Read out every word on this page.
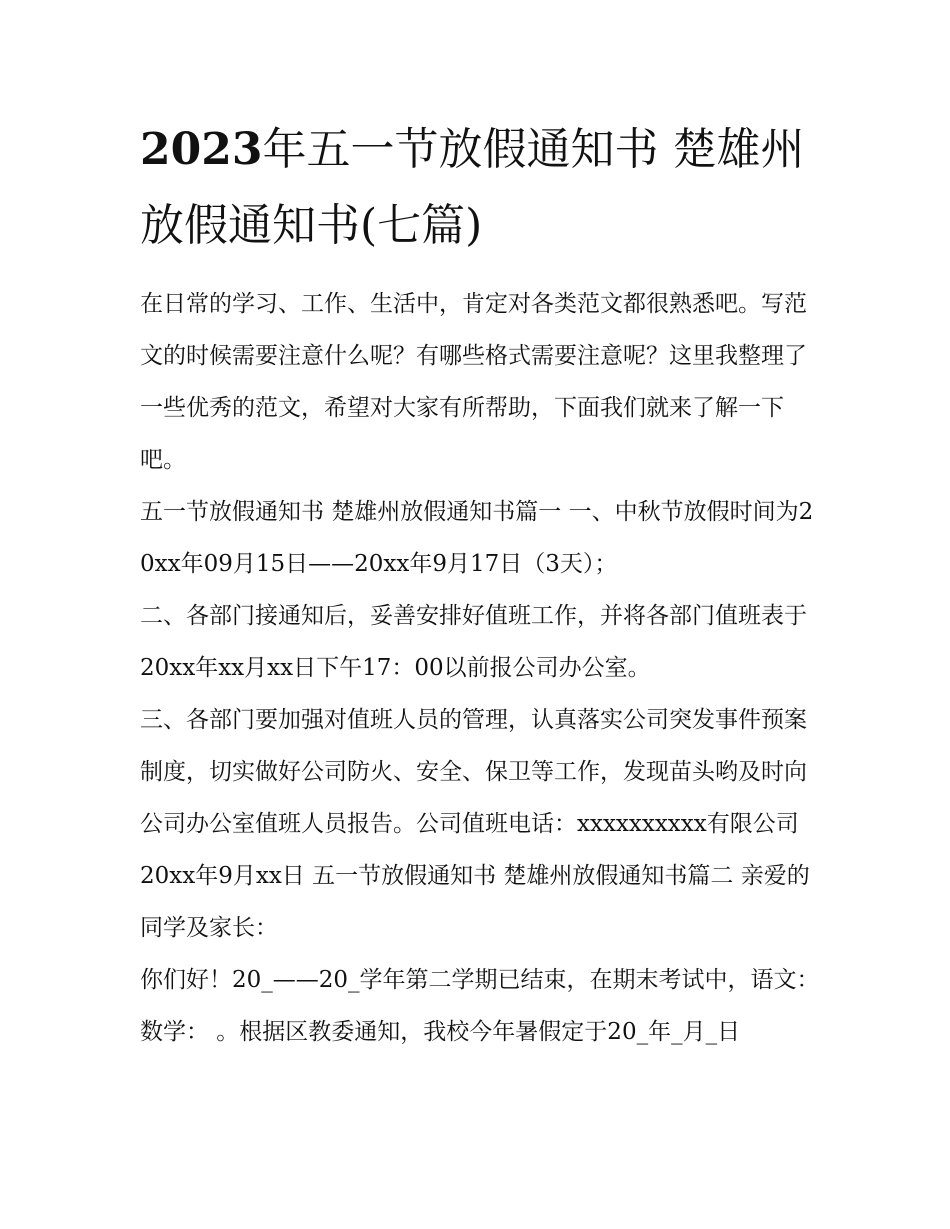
2023年五一节放假通知书 楚雄州放假通知书(七篇)

在日常的学习、工作、生活中，肯定对各类范文都很熟悉吧。写范文的时候需要注意什么呢？有哪些格式需要注意呢？这里我整理了一些优秀的范文，希望对大家有所帮助，下面我们就来了解一下吧。

五一节放假通知书 楚雄州放假通知书篇一 一、中秋节放假时间为20xx年09月15日——20xx年9月17日（3天）；

二、各部门接通知后，妥善安排好值班工作，并将各部门值班表于20xx年xx月xx日下午17：00以前报公司办公室。

三、各部门要加强对值班人员的管理，认真落实公司突发事件预案制度，切实做好公司防火、安全、保卫等工作，发现苗头哟及时向公司办公室值班人员报告。公司值班电话：xxxxxxxxxx有限公司 20xx年9月xx日 五一节放假通知书 楚雄州放假通知书篇二 亲爱的同学及家长：

你们好！20_——20_学年第二学期已结束，在期末考试中，语文： 数学： 。根据区教委通知，我校今年暑假定于20_年_月_日
